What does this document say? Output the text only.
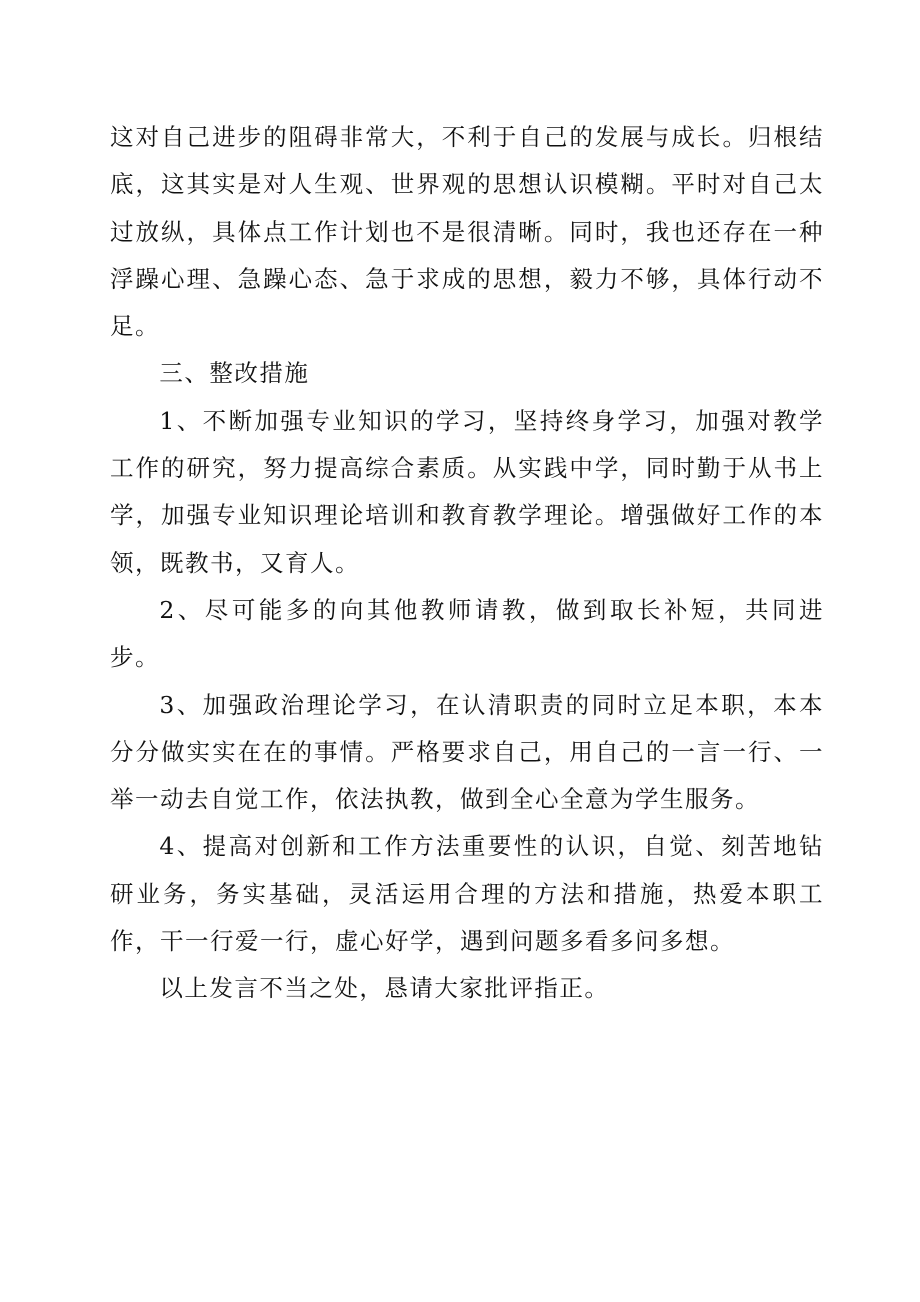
这对自己进步的阻碍非常大，不利于自己的发展与成长。归根结底，这其实是对人生观、世界观的思想认识模糊。平时对自己太过放纵，具体点工作计划也不是很清晰。同时，我也还存在一种浮躁心理、急躁心态、急于求成的思想，毅力不够，具体行动不足。

三、整改措施

1、不断加强专业知识的学习，坚持终身学习，加强对教学工作的研究，努力提高综合素质。从实践中学，同时勤于从书上学，加强专业知识理论培训和教育教学理论。增强做好工作的本领，既教书，又育人。

2、尽可能多的向其他教师请教，做到取长补短，共同进步。

3、加强政治理论学习，在认清职责的同时立足本职，本本分分做实实在在的事情。严格要求自己，用自己的一言一行、一举一动去自觉工作，依法执教，做到全心全意为学生服务。

4、提高对创新和工作方法重要性的认识，自觉、刻苦地钻研业务，务实基础，灵活运用合理的方法和措施，热爱本职工作，干一行爱一行，虚心好学，遇到问题多看多问多想。

以上发言不当之处，恳请大家批评指正。
